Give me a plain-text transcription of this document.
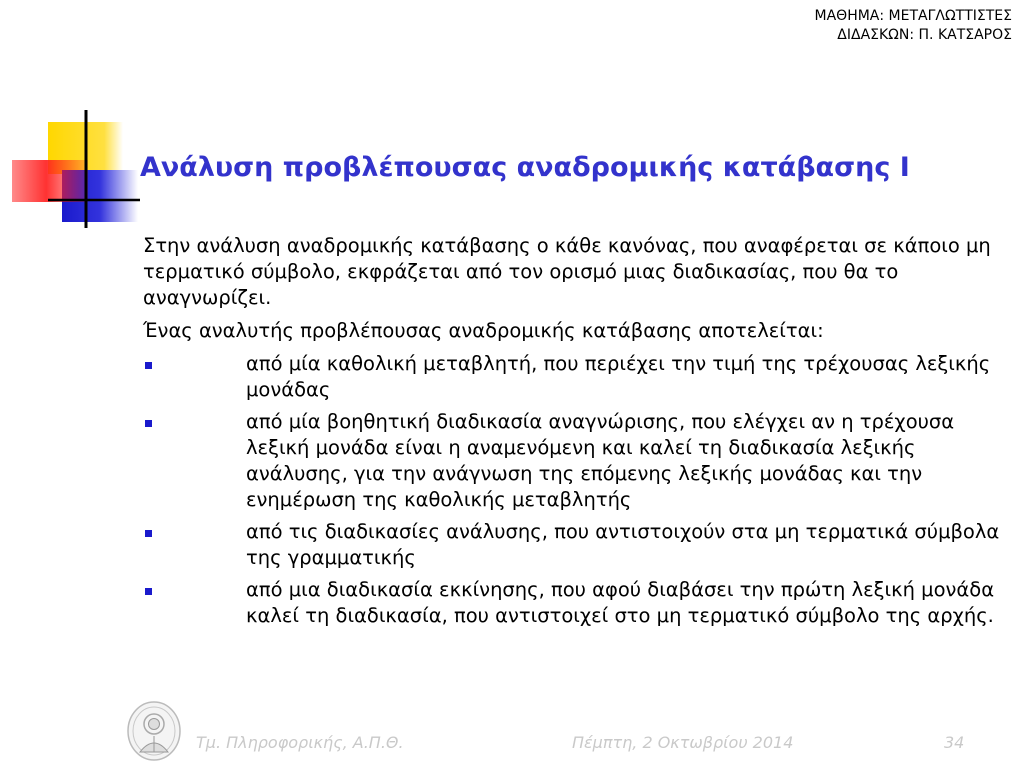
ΜΑΘΗΜΑ: ΜΕΤΑΓΛΩΤΤΙΣΤΕΣ
ΔΙΔΑΣΚΩΝ: Π. ΚΑΤΣΑΡΟΣ
Ανάλυση προβλέπουσας αναδρομικής κατάβασης Ι

Στην ανάλυση αναδρομικής κατάβασης ο κάθε κανόνας, που αναφέρεται σε κάποιο μη τερματικό σύμβολο, εκφράζεται από τον ορισμό μιας διαδικασίας, που θα το αναγνωρίζει.

Ένας αναλυτής προβλέπουσας αναδρομικής κατάβασης αποτελείται:

από μία καθολική μεταβλητή, που περιέχει την τιμή της τρέχουσας λεξικής μονάδας
από μία βοηθητική διαδικασία αναγνώρισης, που ελέγχει αν η τρέχουσα λεξική μονάδα είναι η αναμενόμενη και καλεί τη διαδικασία λεξικής ανάλυσης, για την ανάγνωση της επόμενης λεξικής μονάδας και την ενημέρωση της καθολικής μεταβλητής
από τις διαδικασίες ανάλυσης, που αντιστοιχούν στα μη τερματικά σύμβολα της γραμματικής
από μια διαδικασία εκκίνησης, που αφού διαβάσει την πρώτη λεξική μονάδα καλεί τη διαδικασία, που αντιστοιχεί στο μη τερματικό σύμβολο της αρχής.
Τμ. Πληροφορικής, Α.Π.Θ.	Πέμπτη, 2 Οκτωβρίου 2014	34
